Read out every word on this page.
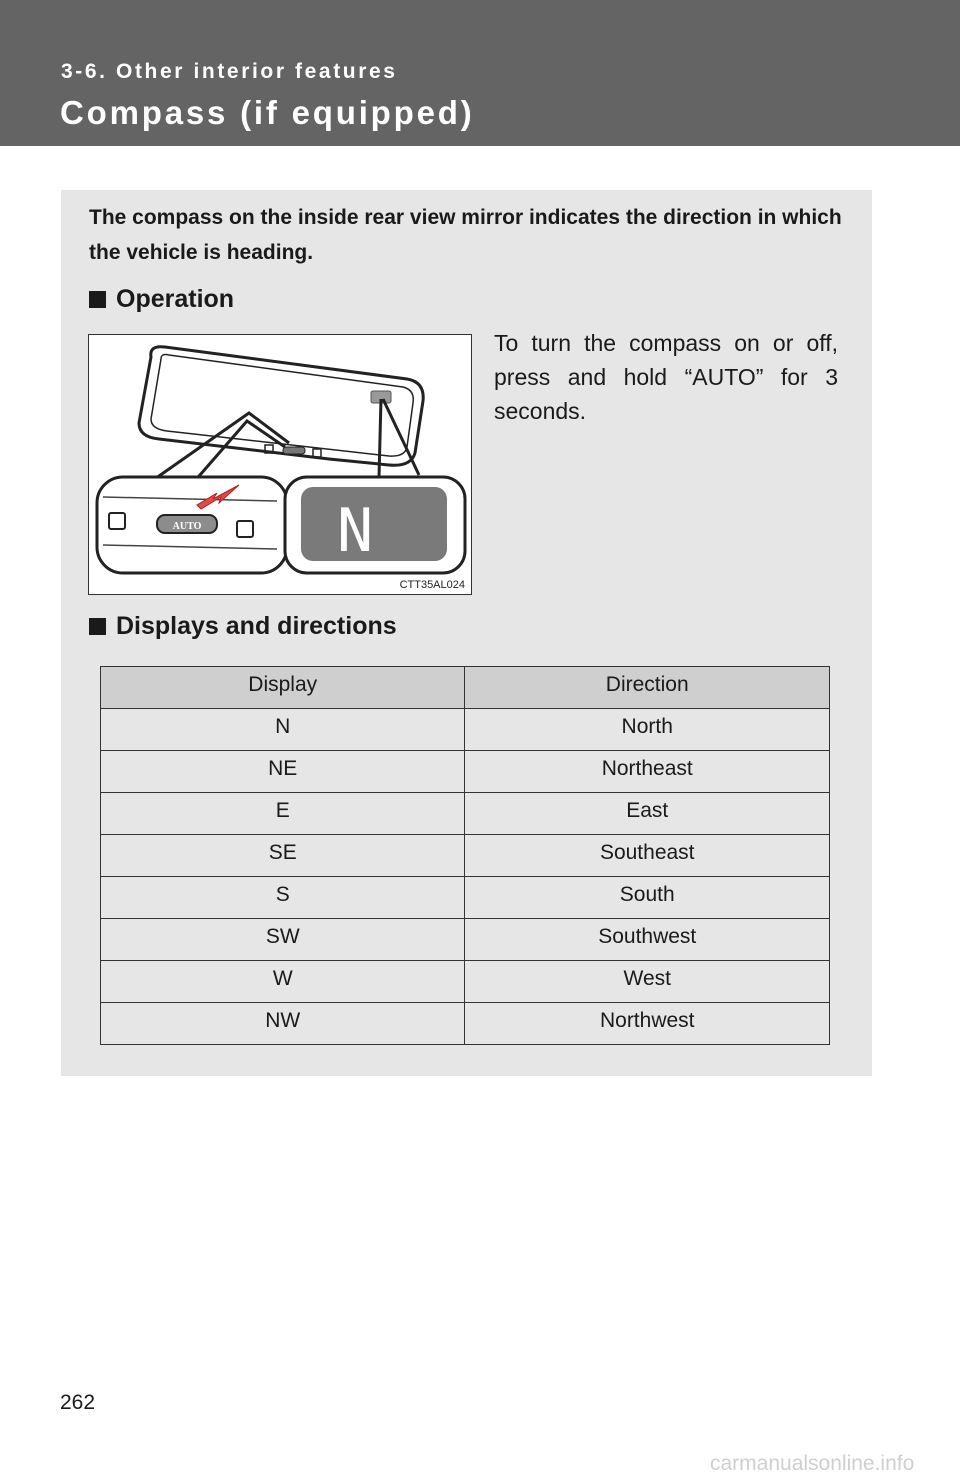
3-6. Other interior features
Compass (if equipped)

The compass on the inside rear view mirror indicates the direction in which the vehicle is heading.

Operation
AUTO N
CTT35AL024

To turn the compass on or off, press and hold “AUTO” for 3 seconds.

Displays and directions
Display	Direction
N	North
NE	Northeast
E	East
SE	Southeast
S	South
SW	Southwest
W	West
NW	Northwest
262
carmanualsonline.info
